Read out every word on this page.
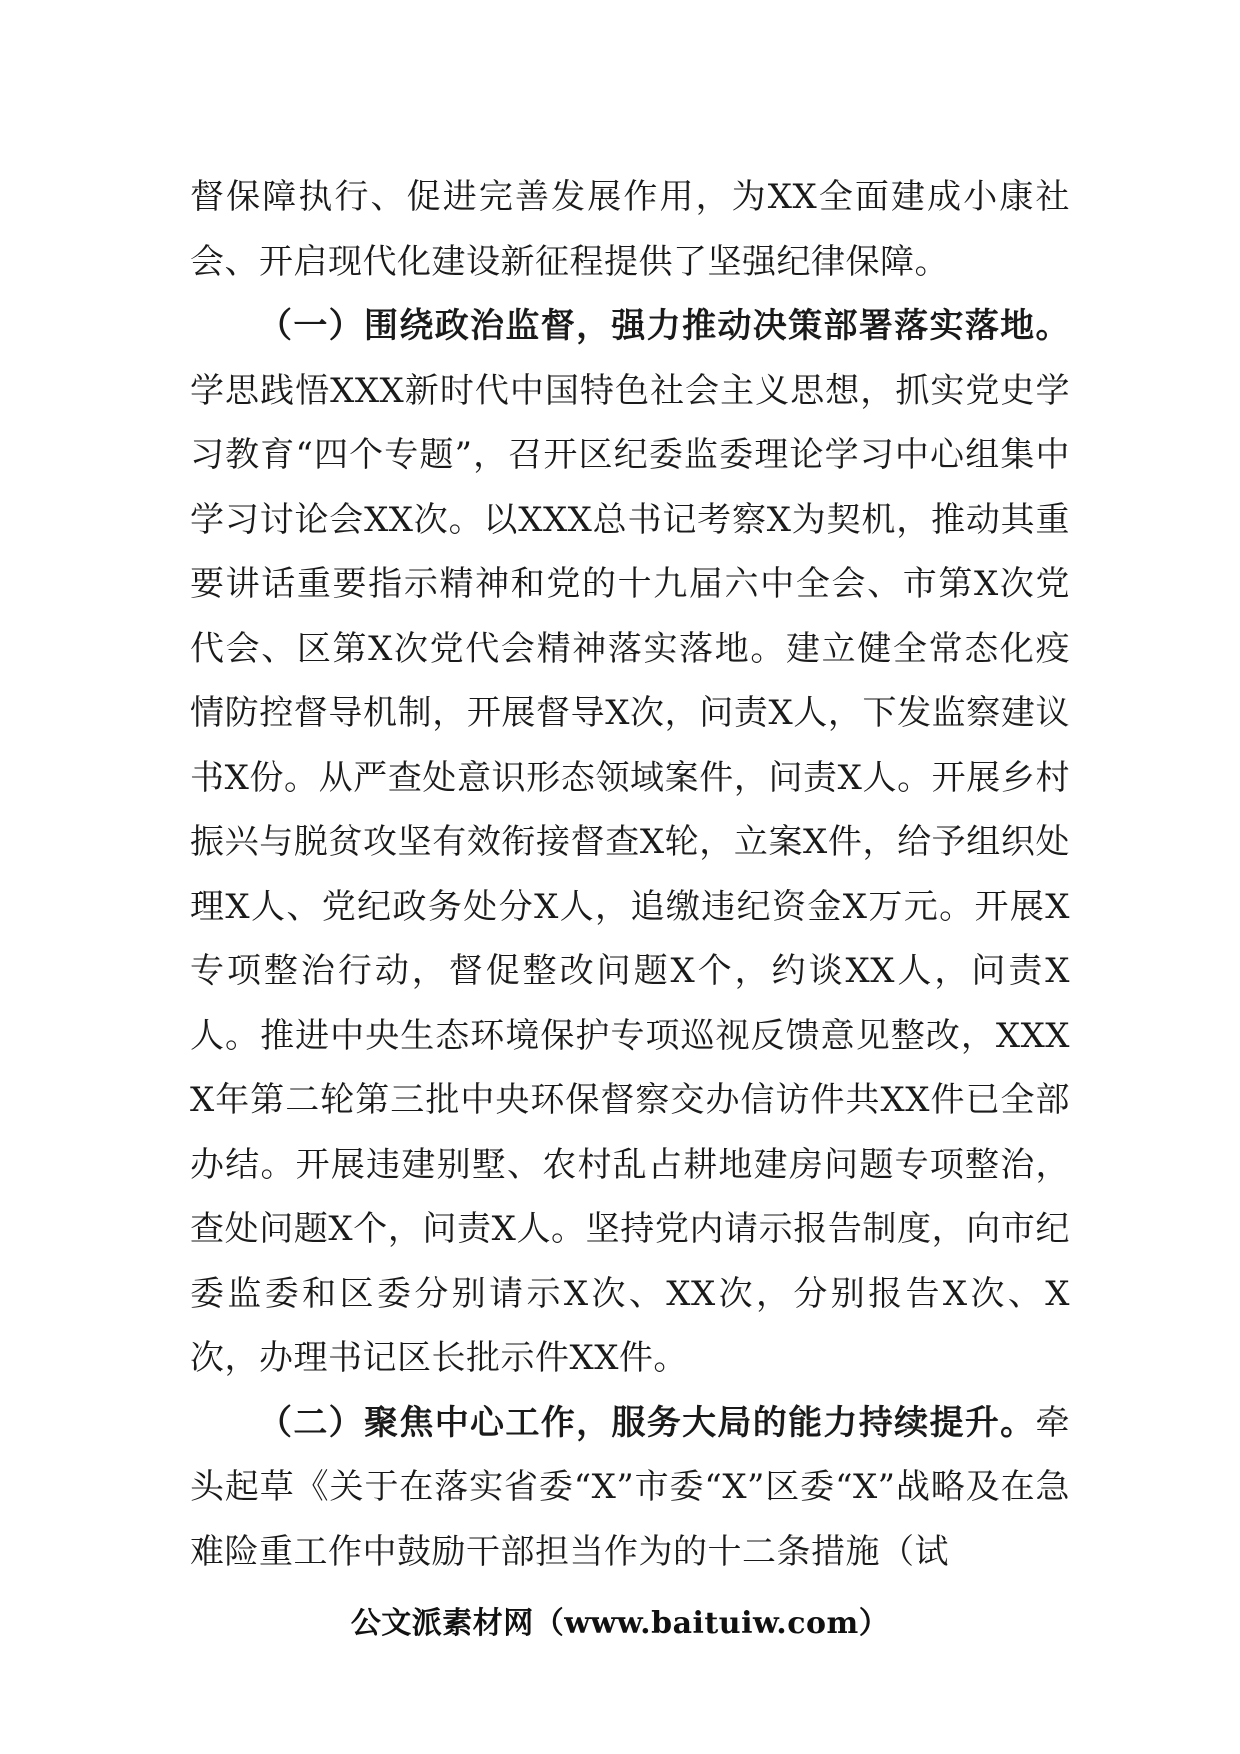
督保障执行、促进完善发展作用，为XX全面建成小康社会、开启现代化建设新征程提供了坚强纪律保障。

（一）围绕政治监督，强力推动决策部署落实落地。学思践悟XXX新时代中国特色社会主义思想，抓实党史学习教育“四个专题”，召开区纪委监委理论学习中心组集中学习讨论会XX次。以XXX总书记考察X为契机，推动其重要讲话重要指示精神和党的十九届六中全会、市第X次党代会、区第X次党代会精神落实落地。建立健全常态化疫情防控督导机制，开展督导X次，问责X人，下发监察建议书X份。从严查处意识形态领域案件，问责X人。开展乡村振兴与脱贫攻坚有效衔接督查X轮，立案X件，给予组织处理X人、党纪政务处分X人，追缴违纪资金X万元。开展X专项整治行动，督促整改问题X个，约谈XX人，问责X人。推进中央生态环境保护专项巡视反馈意见整改，XXXX年第二轮第三批中央环保督察交办信访件共XX件已全部办结。开展违建别墅、农村乱占耕地建房问题专项整治，查处问题X个，问责X人。坚持党内请示报告制度，向市纪委监委和区委分别请示X次、XX次，分别报告X次、X次，办理书记区长批示件XX件。

（二）聚焦中心工作，服务大局的能力持续提升。牵头起草《关于在落实省委“X”市委“X”区委“X”战略及在急难险重工作中鼓励干部担当作为的十二条措施（试

公文派素材网（www.baituiw.com）
